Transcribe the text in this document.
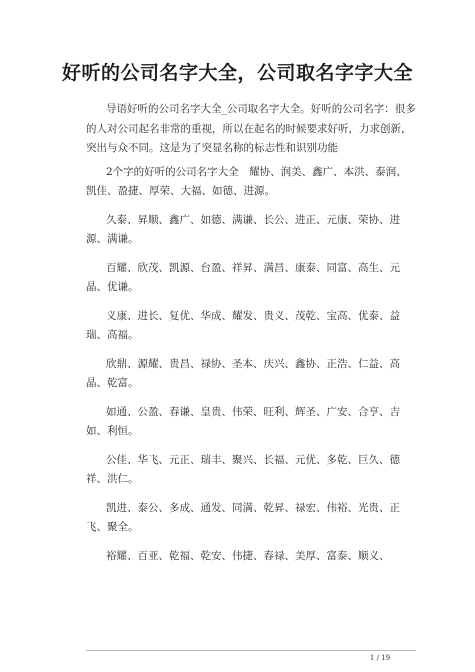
好听的公司名字大全，公司取名字字大全

导语好听的公司名字大全_公司取名字大全。好听的公司名字：很多的人对公司起名非常的重视，所以在起名的时候要求好听，力求创新，突出与众不同。这是为了突显名称的标志性和识别功能

2个字的好听的公司名字大全　耀协、润美、鑫广、本洪、泰润、凯佳、盈捷、厚荣、大福、如德、进源。

久泰、昇顺、鑫广、如德、满谦、长公、进正、元康、荣协、进源、满谦。

百耀、欣茂、凯源、台盈、祥昇、满昌、康泰、同富、高生、元晶、优谦。

义康、进长、复优、华成、耀发、贵义、茂乾、宝高、优泰、益瑞、高福。

欣鼎、源耀、贵昌、禄协、圣本、庆兴、鑫协、正浩、仁益、高晶、乾富。

如通、公盈、春谦、皇贵、伟荣、旺利、辉圣、广安、合亨、吉如、利恒。

公佳、华飞、元正、瑞丰、聚兴、长福、元优、多乾、巨久、德祥、洪仁。

凯进、泰公、多成、通发、同满、乾昇、禄宏、伟裕、光贵、正飞、聚全。

裕耀、百亚、乾福、乾安、伟捷、春禄、美厚、富泰、顺义、

1 / 19
